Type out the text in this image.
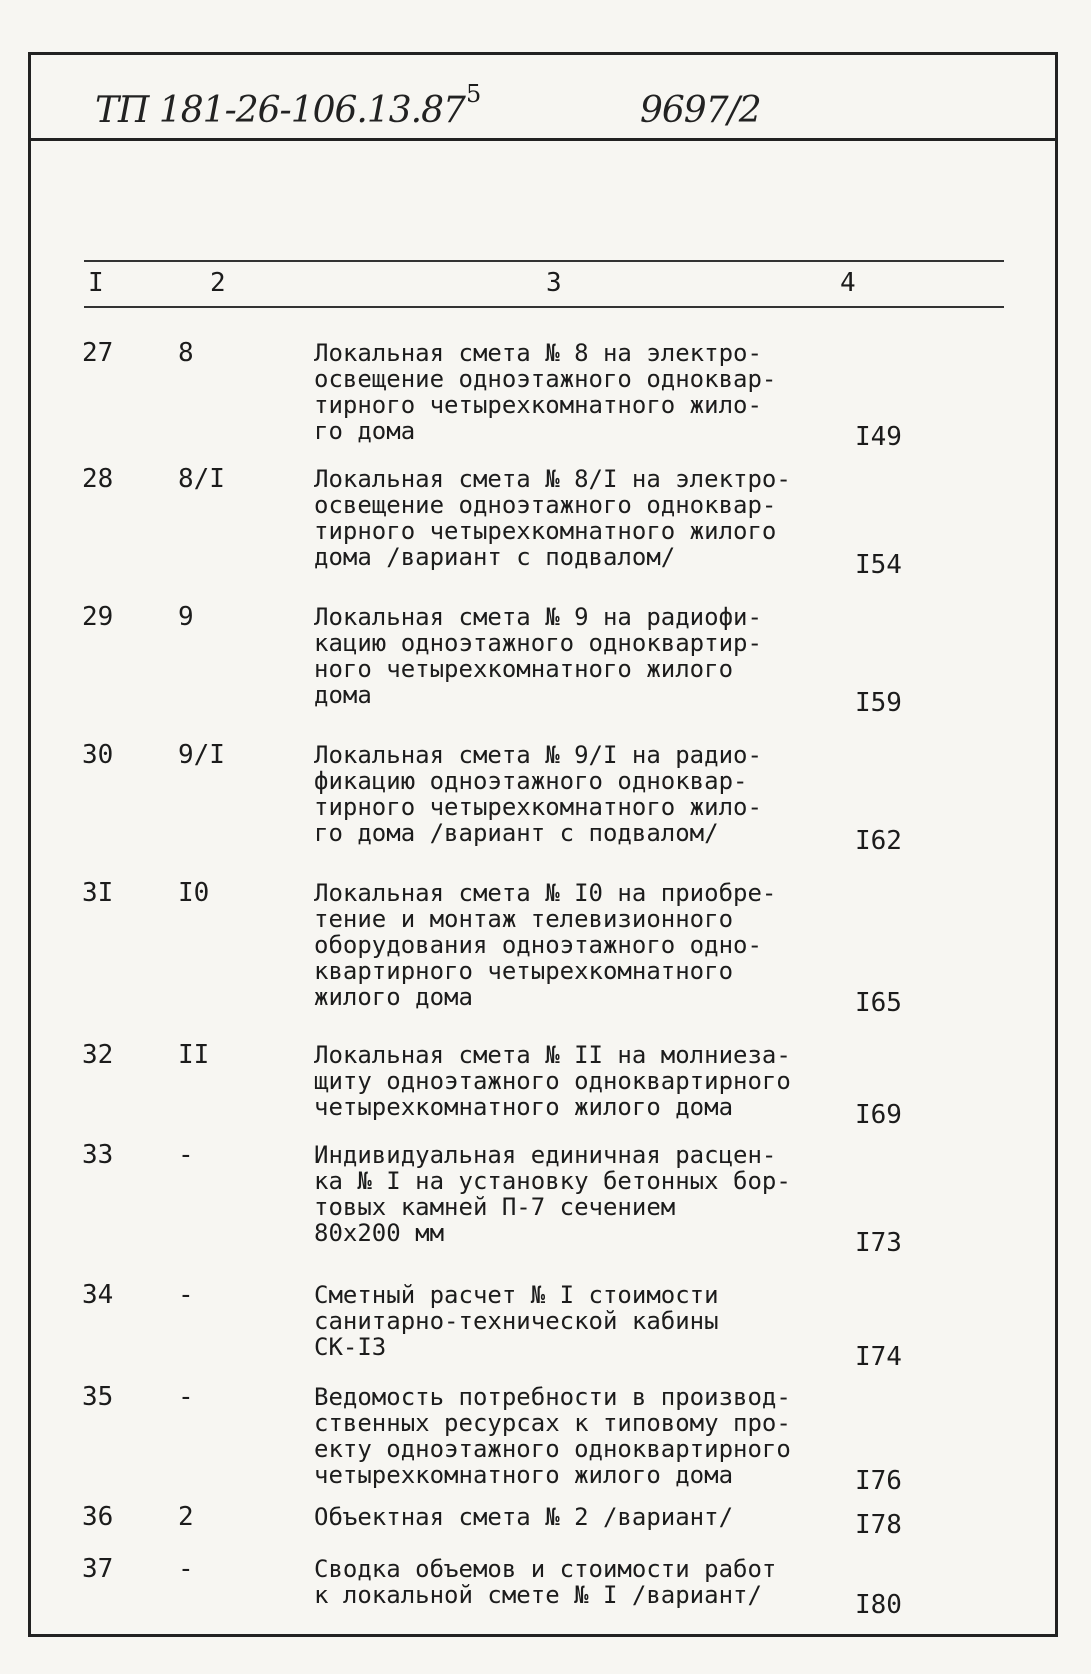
ТП 181-26-106.13.87 5	9697/2
I	2	3	4
27	8	Локальная смета № 8 на электро-
освещение одноэтажного одноквар-
тирного четырехкомнатного жило-
го дома	I49
28	8/I	Локальная смета № 8/I на электро-
освещение одноэтажного одноквар-
тирного четырехкомнатного жилого
дома /вариант с подвалом/	I54
29	9	Локальная смета № 9 на радиофи-
кацию одноэтажного одноквартир-
ного четырехкомнатного жилого
дома	I59
30	9/I	Локальная смета № 9/I на радио-
фикацию одноэтажного одноквар-
тирного четырехкомнатного жило-
го дома /вариант с подвалом/	I62
3I	I0	Локальная смета № I0 на приобре-
тение и монтаж телевизионного
оборудования одноэтажного одно-
квартирного четырехкомнатного
жилого дома	I65
32	II	Локальная смета № II на молниеза-
щиту одноэтажного одноквартирного
четырехкомнатного жилого дома	I69
33	-	Индивидуальная единичная расцен-
ка № I на установку бетонных бор-
товых камней П-7 сечением
80х200 мм	I73
34	-	Сметный расчет № I стоимости
санитарно-технической кабины
СК-I3	I74
35	-	Ведомость потребности в производ-
ственных ресурсах к типовому про-
екту одноэтажного одноквартирного
четырехкомнатного жилого дома	I76
36	2	Объектная смета № 2 /вариант/	I78
37	-	Сводка объемов и стоимости работ
к локальной смете № I /вариант/	I80
